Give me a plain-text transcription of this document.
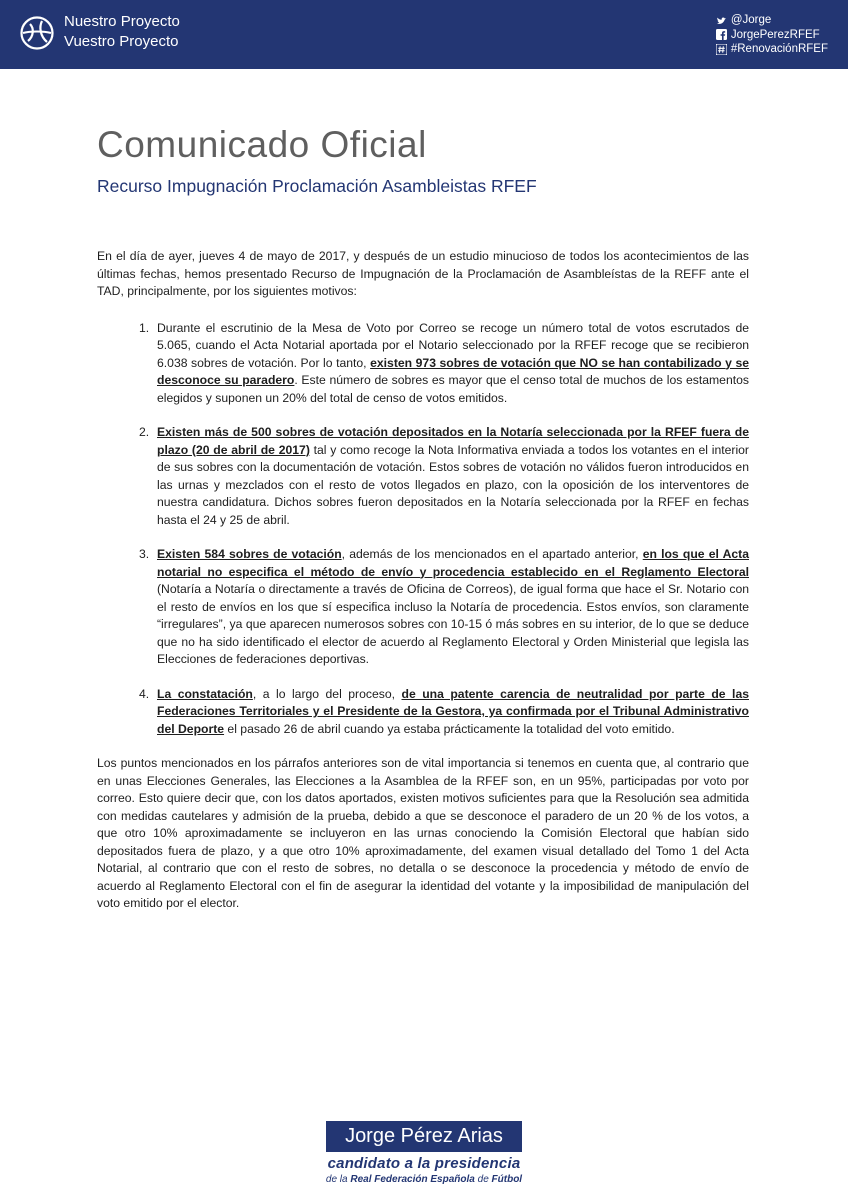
Nuestro Proyecto
Vuestro Proyecto
@Jorge
JorgePerezRFEF
#RenovaciónRFEF
Comunicado Oficial
Recurso Impugnación Proclamación Asambleistas RFEF

En el día de ayer, jueves 4 de mayo de 2017, y después de un estudio minucioso de todos los acontecimientos de las últimas fechas, hemos presentado Recurso de Impugnación de la Proclamación de Asambleístas de la REFF ante el TAD, principalmente, por los siguientes motivos:

1. Durante el escrutinio de la Mesa de Voto por Correo se recoge un número total de votos escrutados de 5.065, cuando el Acta Notarial aportada por el Notario seleccionado por la RFEF recoge que se recibieron 6.038 sobres de votación. Por lo tanto, existen 973 sobres de votación que NO se han contabilizado y se desconoce su paradero. Este número de sobres es mayor que el censo total de muchos de los estamentos elegidos y suponen un 20% del total de censo de votos emitidos.

2. Existen más de 500 sobres de votación depositados en la Notaría seleccionada por la RFEF fuera de plazo (20 de abril de 2017) tal y como recoge la Nota Informativa enviada a todos los votantes en el interior de sus sobres con la documentación de votación. Estos sobres de votación no válidos fueron introducidos en las urnas y mezclados con el resto de votos llegados en plazo, con la oposición de los interventores de nuestra candidatura. Dichos sobres fueron depositados en la Notaría seleccionada por la RFEF en fechas hasta el 24 y 25 de abril.

3. Existen 584 sobres de votación, además de los mencionados en el apartado anterior, en los que el Acta notarial no especifica el método de envío y procedencia establecido en el Reglamento Electoral (Notaría a Notaría o directamente a través de Oficina de Correos), de igual forma que hace el Sr. Notario con el resto de envíos en los que sí especifica incluso la Notaría de procedencia. Estos envíos, son claramente “irregulares”, ya que aparecen numerosos sobres con 10-15 ó más sobres en su interior, de lo que se deduce que no ha sido identificado el elector de acuerdo al Reglamento Electoral y Orden Ministerial que legisla las Elecciones de federaciones deportivas.

4. La constatación, a lo largo del proceso, de una patente carencia de neutralidad por parte de las Federaciones Territoriales y el Presidente de la Gestora, ya confirmada por el Tribunal Administrativo del Deporte el pasado 26 de abril cuando ya estaba prácticamente la totalidad del voto emitido.

Los puntos mencionados en los párrafos anteriores son de vital importancia si tenemos en cuenta que, al contrario que en unas Elecciones Generales, las Elecciones a la Asamblea de la RFEF son, en un 95%, participadas por voto por correo. Esto quiere decir que, con los datos aportados, existen motivos suficientes para que la Resolución sea admitida con medidas cautelares y admisión de la prueba, debido a que se desconoce el paradero de un 20 % de los votos, a que otro 10% aproximadamente se incluyeron en las urnas conociendo la Comisión Electoral que habían sido depositados fuera de plazo, y a que otro 10% aproximadamente, del examen visual detallado del Tomo 1 del Acta Notarial, al contrario que con el resto de sobres, no detalla o se desconoce la procedencia y método de envío de acuerdo al Reglamento Electoral con el fin de asegurar la identidad del votante y la imposibilidad de manipulación del voto emitido por el elector.

Jorge Pérez Arias
candidato a la presidencia
de la Real Federación Española de Fútbol
